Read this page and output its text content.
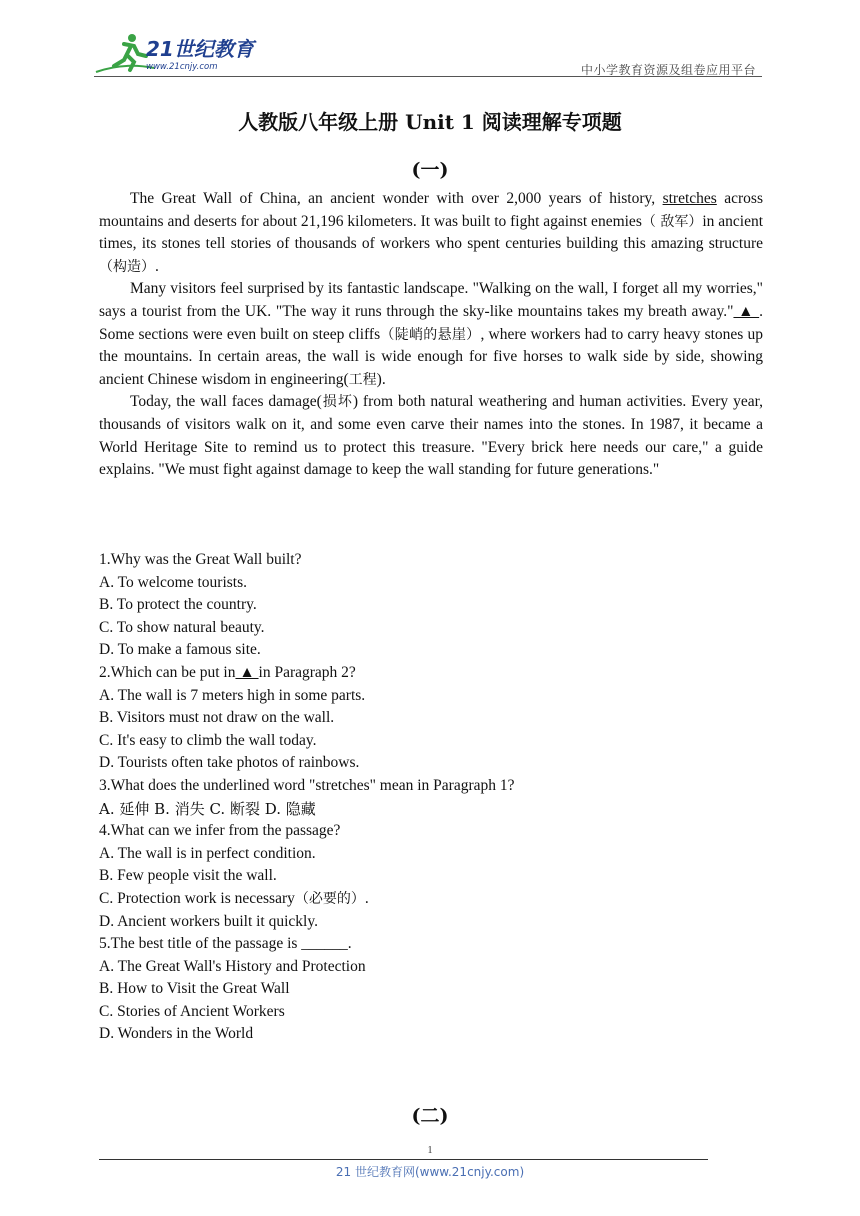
21世纪教育
www.21cnjy.com	中小学教育资源及组卷应用平台
人教版八年级上册 Unit 1 阅读理解专项题
(一)

The Great Wall of China, an ancient wonder with over 2,000 years of history, stretches across mountains and deserts for about 21,196 kilometers. It was built to fight against enemies（ 敌军）in ancient times, its stones tell stories of thousands of workers who spent centuries building this amazing structure（构造）.

Many visitors feel surprised by its fantastic landscape. "Walking on the wall, I forget all my worries," says a tourist from the UK. "The way it runs through the sky-like mountains takes my breath away." ▲ . Some sections were even built on steep cliffs（陡峭的悬崖）, where workers had to carry heavy stones up the mountains. In certain areas, the wall is wide enough for five horses to walk side by side, showing ancient Chinese wisdom in engineering(工程).

Today, the wall faces damage(损坏) from both natural weathering and human activities. Every year, thousands of visitors walk on it, and some even carve their names into the stones. In 1987, it became a World Heritage Site to remind us to protect this treasure. "Every brick here needs our care," a guide explains. "We must fight against damage to keep the wall standing for future generations."

1.Why was the Great Wall built?
A. To welcome tourists.
B. To protect the country.
C. To show natural beauty.
D. To make a famous site.
2.Which can be put in ▲ in Paragraph 2?
A. The wall is 7 meters high in some parts.
B. Visitors must not draw on the wall.
C. It's easy to climb the wall today.
D. Tourists often take photos of rainbows.
3.What does the underlined word "stretches" mean in Paragraph 1?
A. 延伸 B. 消失 C. 断裂 D. 隐藏
4.What can we infer from the passage?
A. The wall is in perfect condition.
B. Few people visit the wall.
C. Protection work is necessary（必要的）.
D. Ancient workers built it quickly.
5.The best title of the passage is ______.
A. The Great Wall's History and Protection
B. How to Visit the Great Wall
C. Stories of Ancient Workers
D. Wonders in the World
(二)
1
21 世纪教育网(www.21cnjy.com)
